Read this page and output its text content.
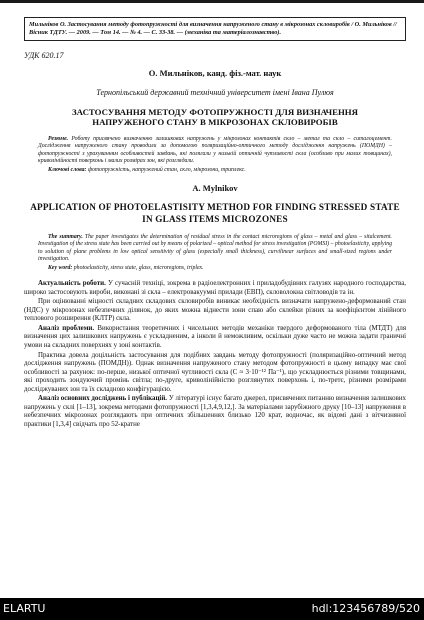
Мильніков О. Застосування методу фотопружності для визначення напруженого стану в мікрозонах скловиробів / О. Мильніков // Вісник ТДТУ. — 2009. — Том 14. — № 4. — С. 33-38. — (механіка та матеріалознавство).
УДК 620.17
О. Мильніков, канд. фіз.-мат. наук
Тернопільський державний технічний університет імені Івана Пулюя
ЗАСТОСУВАННЯ МЕТОДУ ФОТОПРУЖНОСТІ ДЛЯ ВИЗНАЧЕННЯ НАПРУЖЕНОГО СТАНУ В МІКРОЗОНАХ СКЛОВИРОБІВ
Резюме. Роботу присвячено визначенню залишкових напружень у мікрозонах контактів скло – метал та скло – ситалоцемент. Дослідження напруженого стану проводили за допомогою поляризаційно-оптичного методу дослідження напружень (ПОМДН) – фотопружності з урахуванням особливостей завдань, які полягали у низькій оптичній чутливості скла (особливо при малих товщинах), криволінійності поверхонь і малих розмірах зон, які розглядали.
Ключові слова: фотопружність, напружений стан, скло, мікрозони, триплекс.
A. Mylnikov
APPLICATION OF PHOTOELASTISITY METHOD FOR FINDING STRESSED STATE IN GLASS ITEMS MICROZONES
The summary. The paper investigates the determination of residual stress in the contact microregions of glass – metal and glass – sitalcement. Investigation of the stress state has been carried out by means of polarized – optical method for stress investigation (POMSI) – photoelasticity, applying to solution of plane problems in low optical sensitivity of glass (especially small thickness), curvilinear surfaces and small-sized regions under investigation.
Key word: photoelasticity, stress state, glass, microregions, triplex.

Актуальність роботи. У сучасній техніці, зокрема в радіоелектронних і приладобудівних галузях народного господарства, широко застосовують вироби, виконані зі скла – електровакуумні прилади (ЕВП), скловолокна світловодів та ін.

При оцінюванні міцності складних складових скловиробів виникає необхідність визначати напружено-деформований стан (НДС) у мікрозонах небезпечних ділянок, до яких можна віднести зони спаю або склейки різних за коефіцієнтом лінійного теплового розширення (КЛТР) скла.

Аналіз проблеми. Використання теоретичних і чисельних методів механіки твердого деформованого тіла (МТДТ) для визначення цих залишкових напружень є ускладненим, а інколи й неможливим, оскільки дуже часто не можна задати граничні умови на складних поверхнях у зоні контактів.

Практика довела доцільність застосування для подібних завдань методу фотопружності (поляризаційно-оптичний метод дослідження напружень (ПОМДН)). Однак визначення напруженого стану методом фотопружності в цьому випадку має свої особливості за рахунок: по-перше, низької оптичної чутливості скла (C ≈ 3·10⁻¹² Па⁻¹), що ускладнюється різними товщинами, які проходить зондуючий промінь світла; по-друге, криволінійністю розглянутих поверхонь і, по-третє, різними розмірами досліджуваних зон та їх складною конфігурацією.

Аналіз основних досліджень і публікацій. У літературі існує багато джерел, присвячених питанню визначення залишкових напружень у склі [1–13], зокрема методами фотопружності [1,3,4,9,12,]. За матеріалами зарубіжного друку [10–13] напруження в небезпечних мікрозонах розглядають при оптичних збільшеннях близько 120 крат, водночас, як відомі дані з вітчизняної практики [1,3,4] свідчать про 52-кратне

ELARTU	hdl:123456789/520
